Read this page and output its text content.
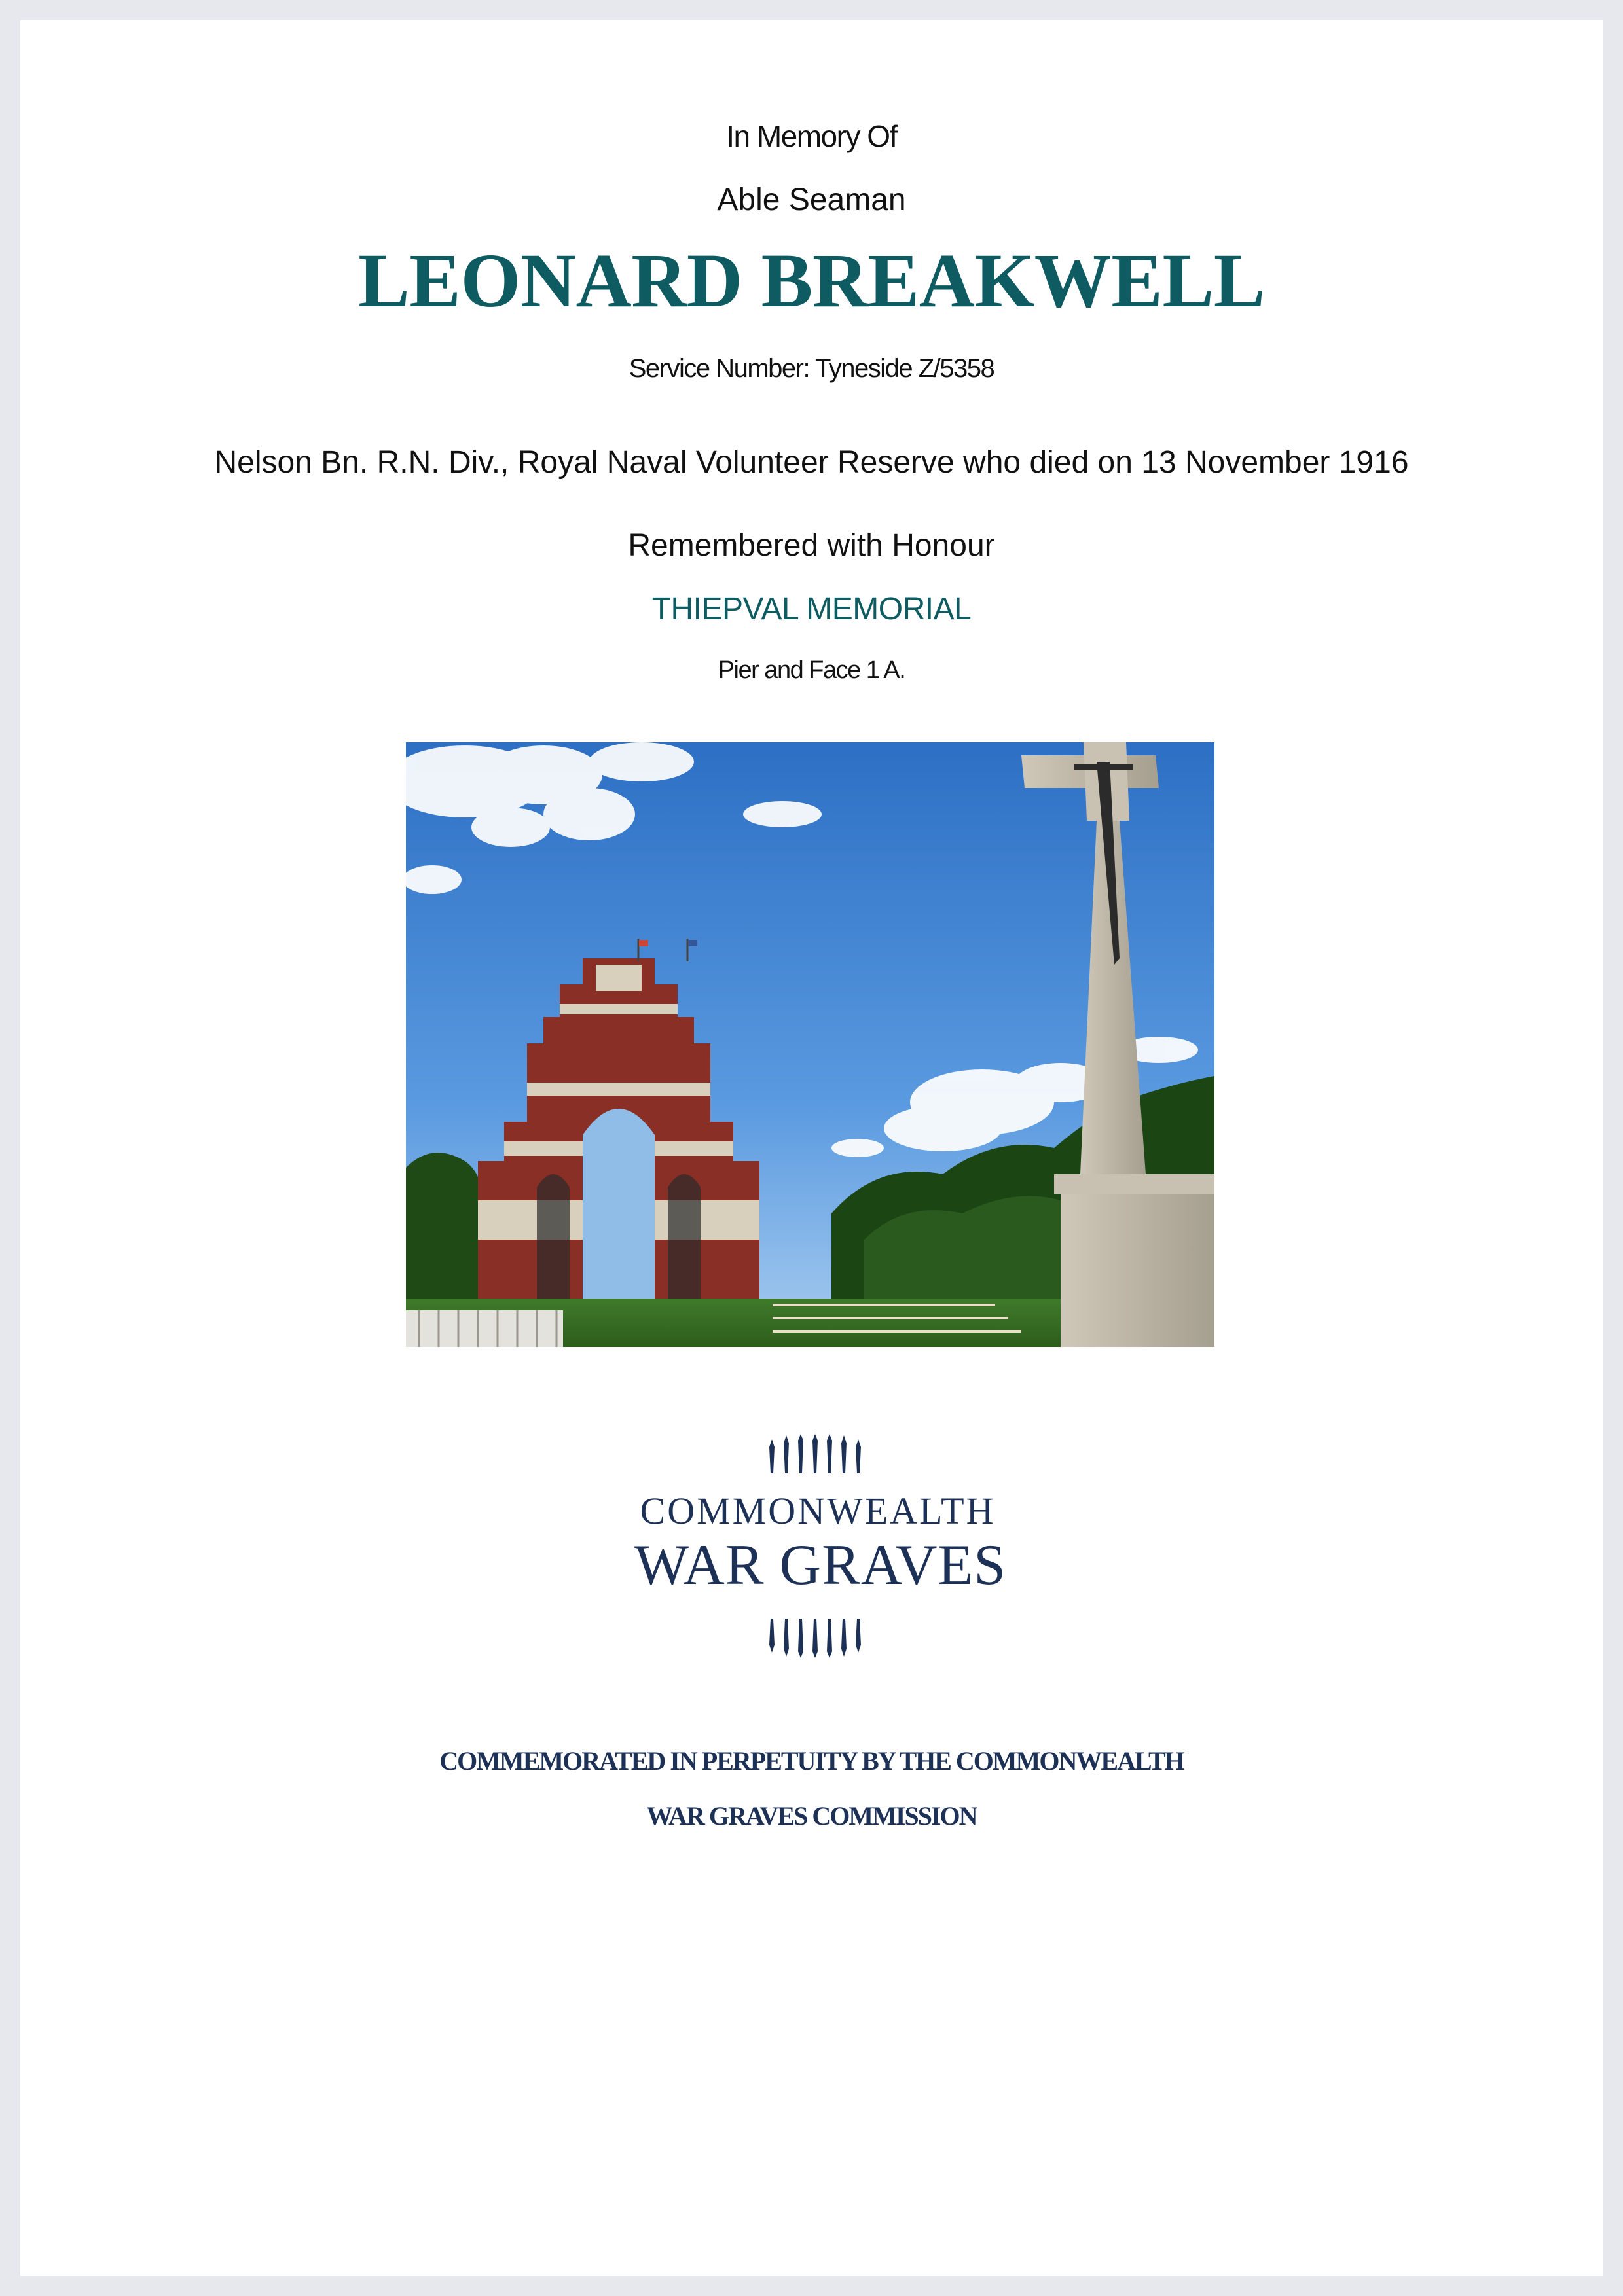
In Memory Of
Able Seaman
LEONARD BREAKWELL
Service Number: Tyneside Z/5358
Nelson Bn. R.N. Div., Royal Naval Volunteer Reserve who died on 13 November 1916
Remembered with Honour
THIEPVAL MEMORIAL
Pier and Face 1 A.
COMMONWEALTH
WAR GRAVES
COMMEMORATED IN PERPETUITY BY THE COMMONWEALTH
WAR GRAVES COMMISSION
